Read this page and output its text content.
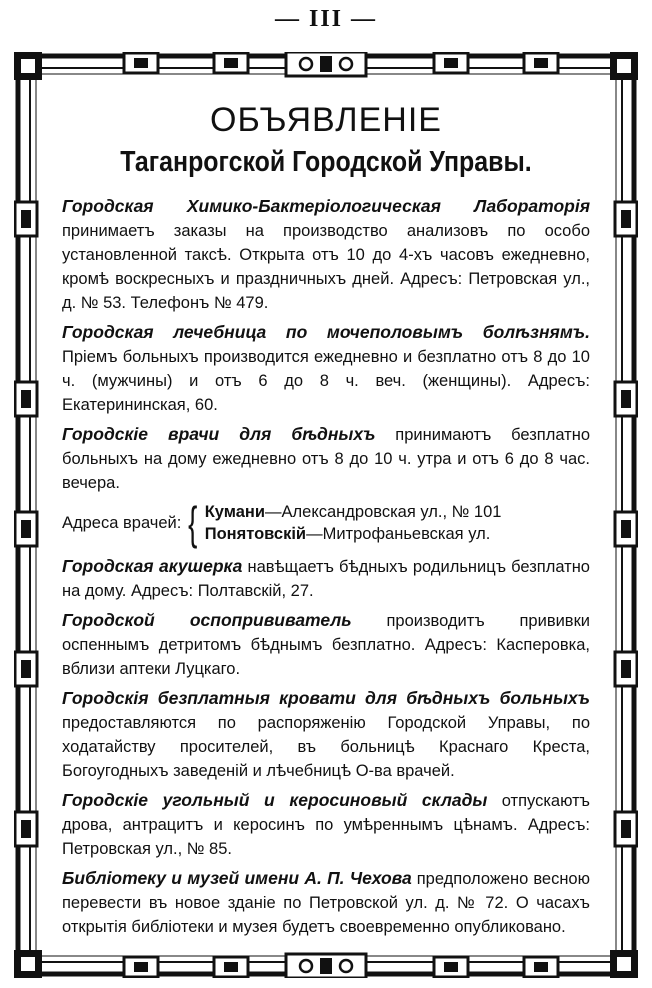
— III —
ОБЪЯВЛЕНІЕ
Таганрогской Городской Управы.

Городская Химико-Бактеріологическая Лабораторія принимаетъ заказы на производство анализовъ по особо установленной таксѣ. Открыта отъ 10 до 4-хъ часовъ ежедневно, кромѣ воскресныхъ и праздничныхъ дней. Адресъ: Петровская ул., д. № 53. Телефонъ № 479.

Городская лечебница по мочеполовымъ болѣзнямъ. Пріемъ больныхъ производится ежедневно и безплатно отъ 8 до 10 ч. (мужчины) и отъ 6 до 8 ч. веч. (женщины). Адресъ: Екатерининская, 60.

Городскіе врачи для бѣдныхъ принимаютъ безплатно больныхъ на дому ежедневно отъ 8 до 10 ч. утра и отъ 6 до 8 час. вечера.

Адреса врачей: { Кумани—Александровская ул., № 101
Понятовскій—Митрофаньевская ул.

Городская акушерка навѣщаетъ бѣдныхъ родильницъ безплатно на дому. Адресъ: Полтавскій, 27.

Городской оспопрививатель производитъ прививки оспеннымъ детритомъ бѣднымъ безплатно. Адресъ: Касперовка, вблизи аптеки Луцкаго.

Городскія безплатныя кровати для бѣдныхъ больныхъ предоставляются по распоряженію Городской Управы, по ходатайству просителей, въ больницѣ Краснаго Креста, Богоугодныхъ заведеній и лѣчебницѣ О-ва врачей.

Городскіе угольный и керосиновый склады отпускаютъ дрова, антрацитъ и керосинъ по умѣреннымъ цѣнамъ. Адресъ: Петровская ул., № 85.

Библіотеку и музей имени А. П. Чехова предположено весною перевести въ новое зданіе по Петровской ул. д. № 72. О часахъ открытія библіотеки и музея будетъ своевременно опубликовано.
